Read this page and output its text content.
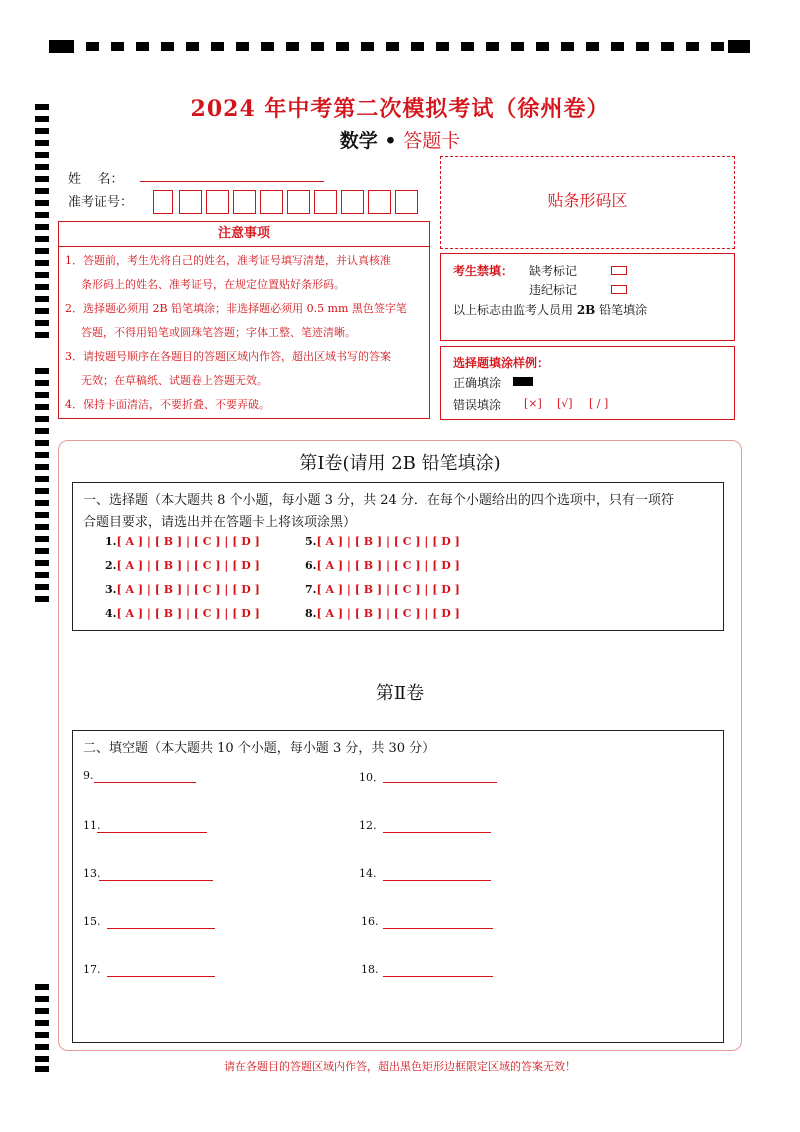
2024 年中考第二次模拟考试（徐州卷）
数学 • 答题卡
姓    名：
准考证号：
注意事项
1．答题前，考生先将自己的姓名，准考证号填写清楚，并认真核准
条形码上的姓名、准考证号，在规定位置贴好条形码。
2．选择题必须用 2B 铅笔填涂；非选择题必须用 0.5 mm 黑色签字笔
答题，不得用铅笔或圆珠笔答题；字体工整、笔迹清晰。
3．请按题号顺序在各题目的答题区域内作答，超出区域书写的答案
无效；在草稿纸、试题卷上答题无效。
4．保持卡面清洁，不要折叠、不要弄破。
贴条形码区
考生禁填： 缺考标记
违纪标记
以上标志由监考人员用 2B 铅笔填涂
选择题填涂样例：
正确填涂
错误填涂 [×] [√] [ / ]
第Ⅰ卷(请用 2B 铅笔填涂)
一、选择题（本大题共 8 个小题，每小题 3 分，共 24 分．在每个小题给出的四个选项中，只有一项符
合题目要求，请选出并在答题卡上将该项涂黑）
1.[ A ] | [ B ] | [ C ] | [ D ]
2.[ A ] | [ B ] | [ C ] | [ D ]
3.[ A ] | [ B ] | [ C ] | [ D ]
4.[ A ] | [ B ] | [ C ] | [ D ]
5.[ A ] | [ B ] | [ C ] | [ D ]
6.[ A ] | [ B ] | [ C ] | [ D ]
7.[ A ] | [ B ] | [ C ] | [ D ]
8.[ A ] | [ B ] | [ C ] | [ D ]
第Ⅱ卷
二、填空题（本大题共 10 个小题，每小题 3 分，共 30 分）
9.	10．
11.	12.
13.	14.
15.	16.
17.	18.
请在各题目的答题区域内作答，超出黑色矩形边框限定区域的答案无效！
